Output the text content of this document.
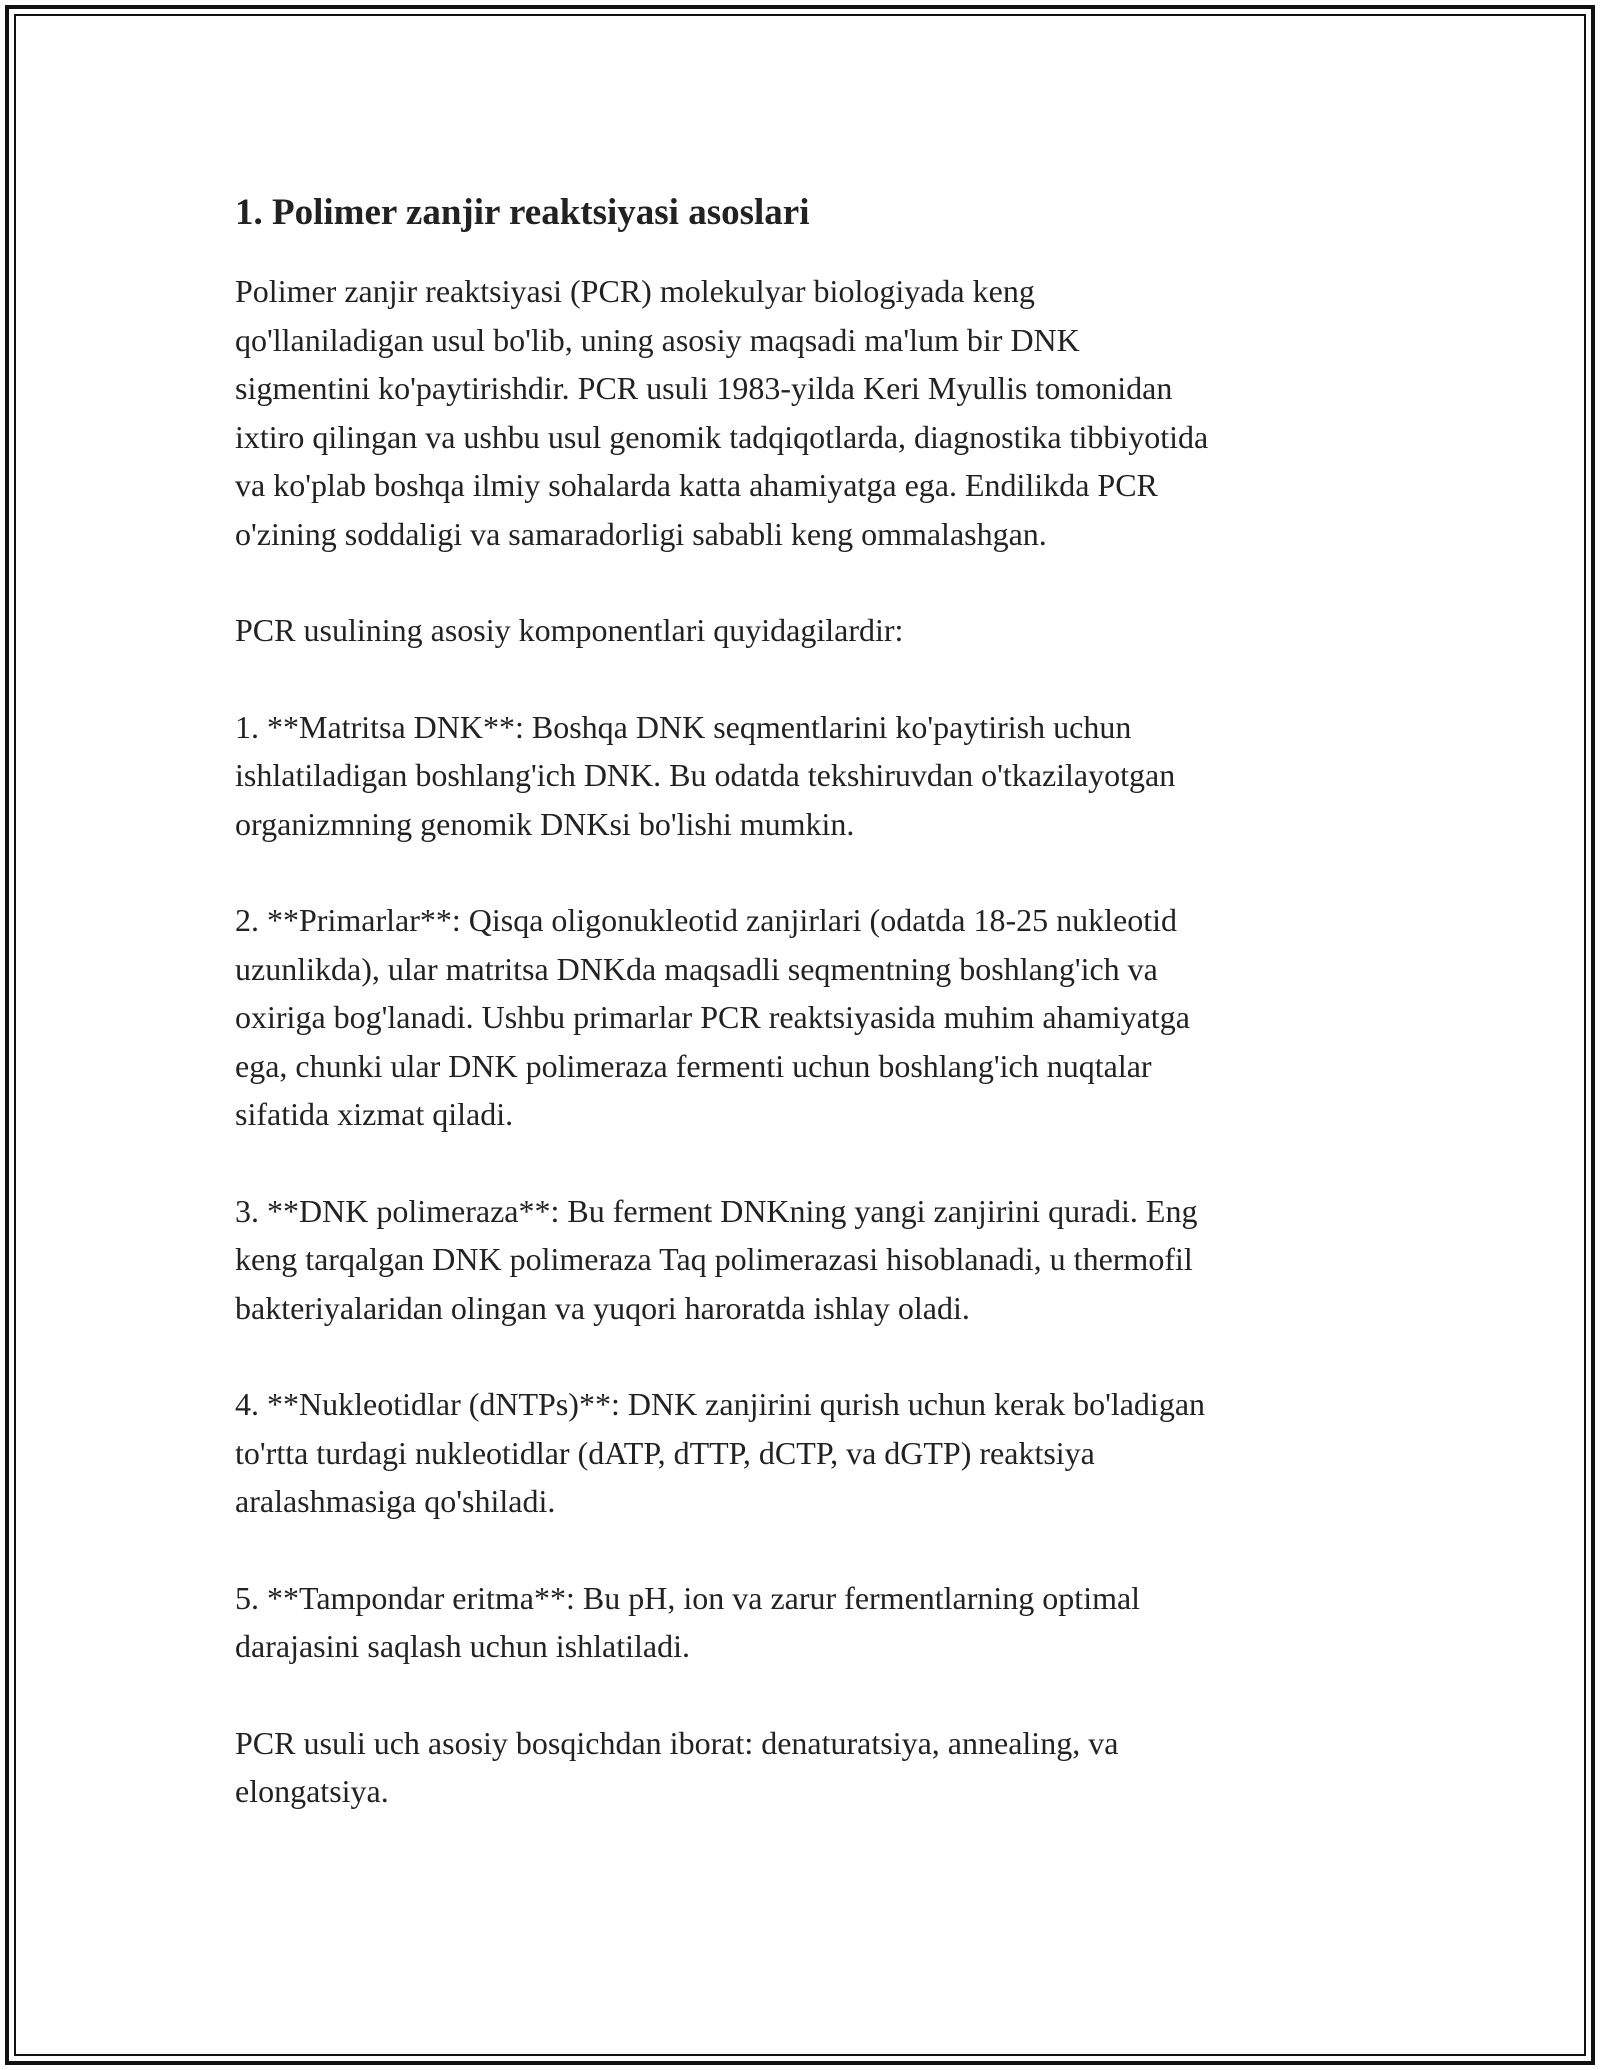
1. Polimer zanjir reaktsiyasi asoslari

Polimer zanjir reaktsiyasi (PCR) molekulyar biologiyada keng
qo'llaniladigan usul bo'lib, uning asosiy maqsadi ma'lum bir DNK
sigmentini ko'paytirishdir. PCR usuli 1983-yilda Keri Myullis tomonidan
ixtiro qilingan va ushbu usul genomik tadqiqotlarda, diagnostika tibbiyotida
va ko'plab boshqa ilmiy sohalarda katta ahamiyatga ega. Endilikda PCR
o'zining soddaligi va samaradorligi sababli keng ommalashgan.

PCR usulining asosiy komponentlari quyidagilardir:

1. **Matritsa DNK**: Boshqa DNK seqmentlarini ko'paytirish uchun
ishlatiladigan boshlang'ich DNK. Bu odatda tekshiruvdan o'tkazilayotgan
organizmning genomik DNKsi bo'lishi mumkin.

2. **Primarlar**: Qisqa oligonukleotid zanjirlari (odatda 18-25 nukleotid
uzunlikda), ular matritsa DNKda maqsadli seqmentning boshlang'ich va
oxiriga bog'lanadi. Ushbu primarlar PCR reaktsiyasida muhim ahamiyatga
ega, chunki ular DNK polimeraza fermenti uchun boshlang'ich nuqtalar
sifatida xizmat qiladi.

3. **DNK polimeraza**: Bu ferment DNKning yangi zanjirini quradi. Eng
keng tarqalgan DNK polimeraza Taq polimerazasi hisoblanadi, u thermofil
bakteriyalaridan olingan va yuqori haroratda ishlay oladi.

4. **Nukleotidlar (dNTPs)**: DNK zanjirini qurish uchun kerak bo'ladigan
to'rtta turdagi nukleotidlar (dATP, dTTP, dCTP, va dGTP) reaktsiya
aralashmasiga qo'shiladi.

5. **Tampondar eritma**: Bu pH, ion va zarur fermentlarning optimal
darajasini saqlash uchun ishlatiladi.

PCR usuli uch asosiy bosqichdan iborat: denaturatsiya, annealing, va
elongatsiya.
